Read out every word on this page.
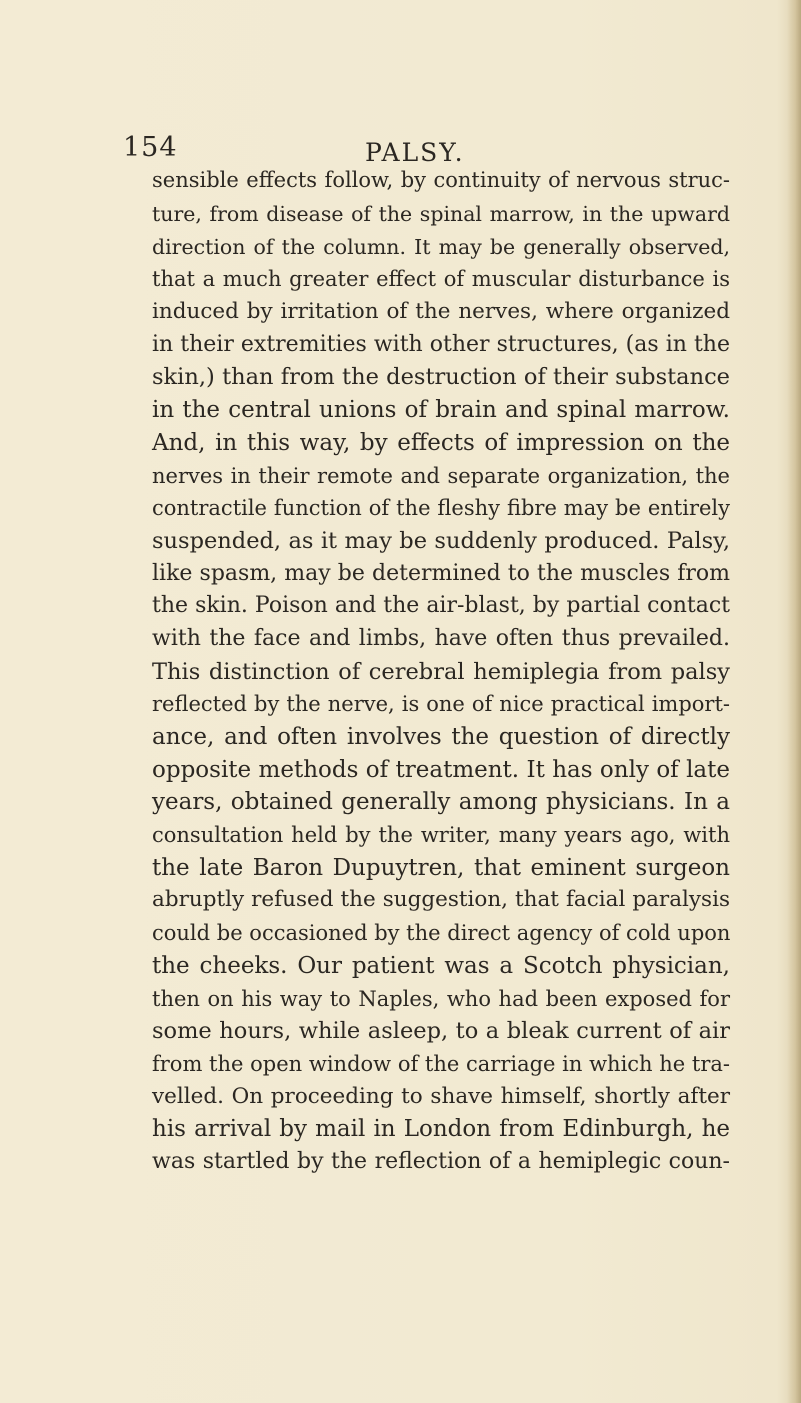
154	PALSY.
sensible effects follow, by continuity of nervous struc-
ture, from disease of the spinal marrow, in the upward
direction of the column. It may be generally observed,
that a much greater effect of muscular disturbance is
induced by irritation of the nerves, where organized
in their extremities with other structures, (as in the
skin,) than from the destruction of their substance
in the central unions of brain and spinal marrow.
And, in this way, by effects of impression on the
nerves in their remote and separate organization, the
contractile function of the fleshy fibre may be entirely
suspended, as it may be suddenly produced. Palsy,
like spasm, may be determined to the muscles from
the skin. Poison and the air-blast, by partial contact
with the face and limbs, have often thus prevailed.
This distinction of cerebral hemiplegia from palsy
reflected by the nerve, is one of nice practical import-
ance, and often involves the question of directly
opposite methods of treatment. It has only of late
years, obtained generally among physicians. In a
consultation held by the writer, many years ago, with
the late Baron Dupuytren, that eminent surgeon
abruptly refused the suggestion, that facial paralysis
could be occasioned by the direct agency of cold upon
the cheeks. Our patient was a Scotch physician,
then on his way to Naples, who had been exposed for
some hours, while asleep, to a bleak current of air
from the open window of the carriage in which he tra-
velled. On proceeding to shave himself, shortly after
his arrival by mail in London from Edinburgh, he
was startled by the reflection of a hemiplegic coun-
